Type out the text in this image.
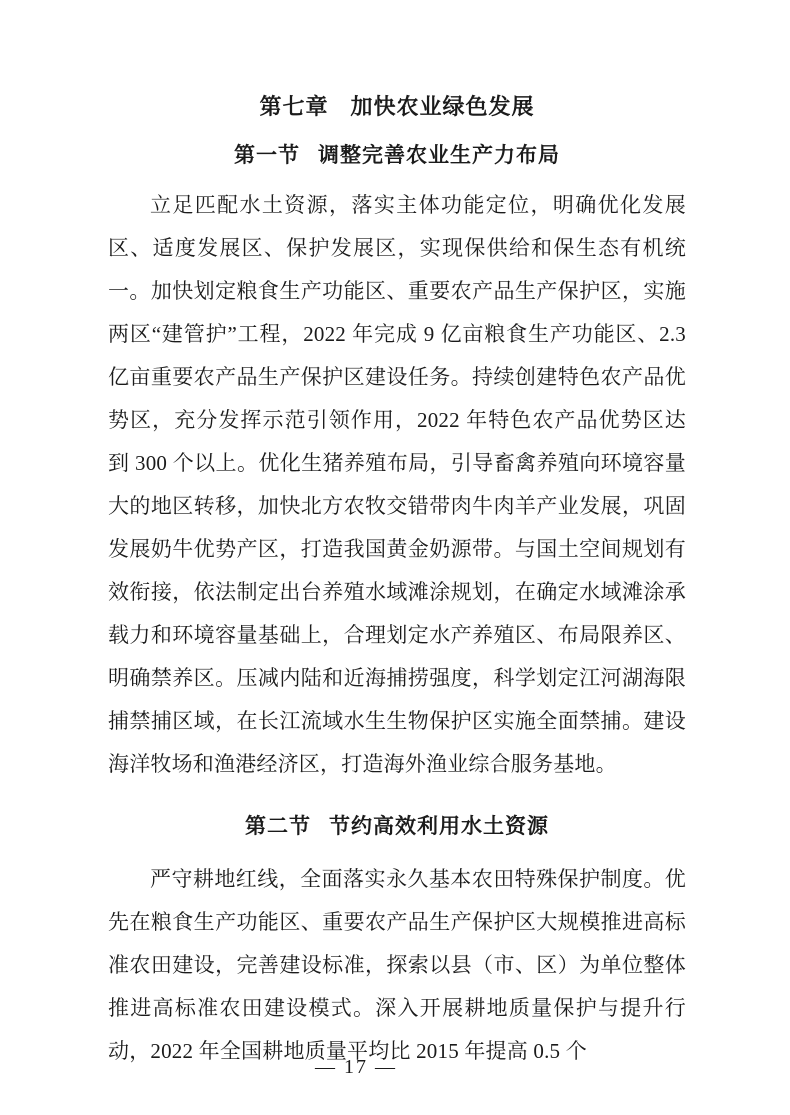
第七章 加快农业绿色发展
第一节 调整完善农业生产力布局

立足匹配水土资源，落实主体功能定位，明确优化发展区、适度发展区、保护发展区，实现保供给和保生态有机统一。加快划定粮食生产功能区、重要农产品生产保护区，实施两区“建管护”工程，2022 年完成 9 亿亩粮食生产功能区、2.3 亿亩重要农产品生产保护区建设任务。持续创建特色农产品优势区，充分发挥示范引领作用，2022 年特色农产品优势区达到 300 个以上。优化生猪养殖布局，引导畜禽养殖向环境容量大的地区转移，加快北方农牧交错带肉牛肉羊产业发展，巩固发展奶牛优势产区，打造我国黄金奶源带。与国土空间规划有效衔接，依法制定出台养殖水域滩涂规划，在确定水域滩涂承载力和环境容量基础上，合理划定水产养殖区、布局限养区、明确禁养区。压减内陆和近海捕捞强度，科学划定江河湖海限捕禁捕区域，在长江流域水生生物保护区实施全面禁捕。建设海洋牧场和渔港经济区，打造海外渔业综合服务基地。

第二节 节约高效利用水土资源

严守耕地红线，全面落实永久基本农田特殊保护制度。优先在粮食生产功能区、重要农产品生产保护区大规模推进高标准农田建设，完善建设标准，探索以县（市、区）为单位整体推进高标准农田建设模式。深入开展耕地质量保护与提升行动，2022 年全国耕地质量平均比 2015 年提高 0.5 个

— 17 —
